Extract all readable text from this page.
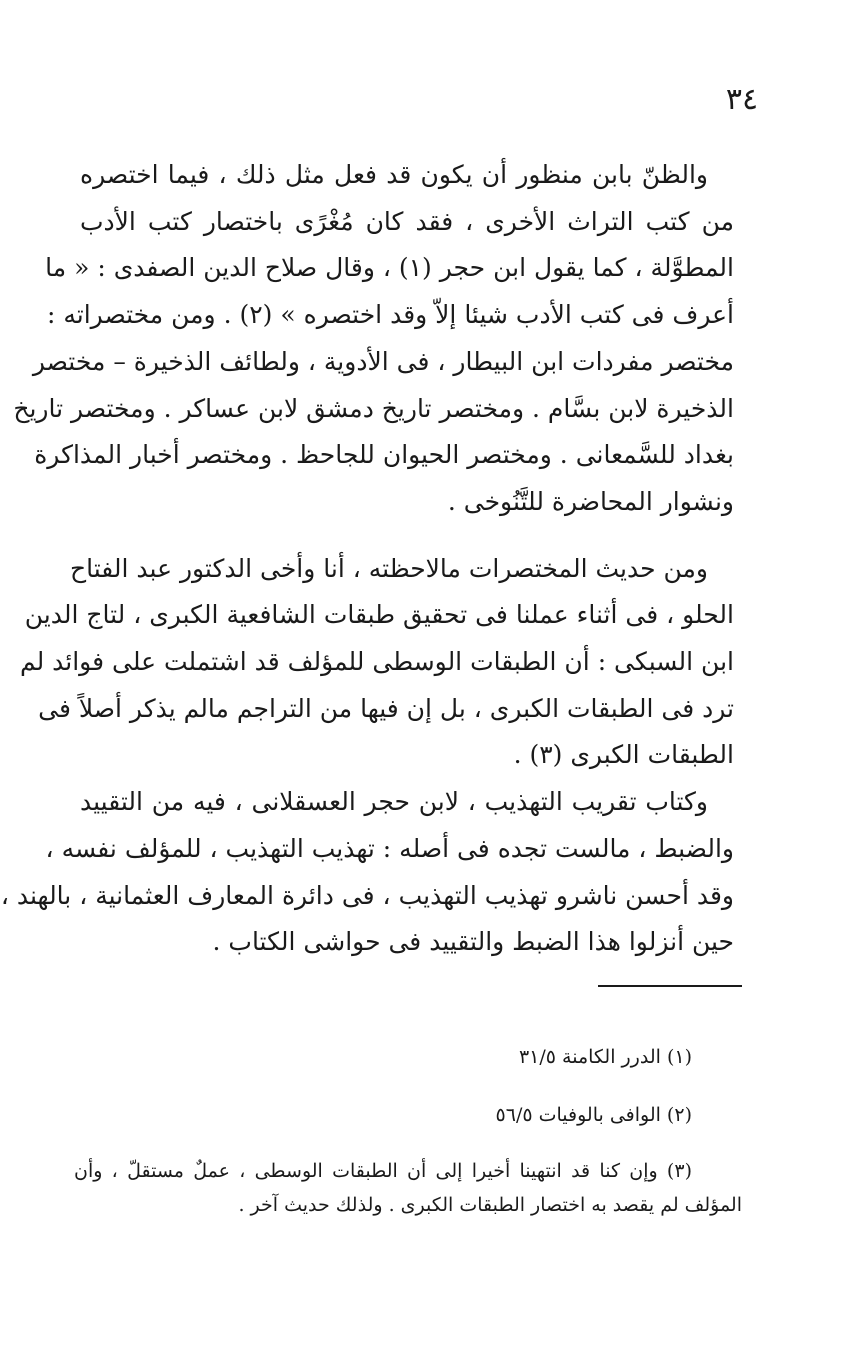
٣٤
والظنّ بابن منظور أن يكون قد فعل مثل ذلك ، فيما اختصره
من كتب التراث الأخرى ، فقد كان مُغْرًى باختصار كتب الأدب
المطوَّلة ، كما يقول ابن حجر (١) ، وقال صلاح الدين الصفدى : « ما
أعرف فى كتب الأدب شيئا إلاّ وقد اختصره » (٢) . ومن مختصراته :
مختصر مفردات ابن البيطار ، فى الأدوية ، ولطائف الذخيرة – مختصر
الذخيرة لابن بسَّام . ومختصر تاريخ دمشق لابن عساكر . ومختصر تاريخ
بغداد للسَّمعانى . ومختصر الحيوان للجاحظ . ومختصر أخبار المذاكرة
ونشوار المحاضرة للتَّنُوخى .
ومن حديث المختصرات مالاحظته ، أنا وأخى الدكتور عبد الفتاح
الحلو ، فى أثناء عملنا فى تحقيق طبقات الشافعية الكبرى ، لتاج الدين
ابن السبكى : أن الطبقات الوسطى للمؤلف قد اشتملت على فوائد لم
ترد فى الطبقات الكبرى ، بل إن فيها من التراجم مالم يذكر أصلاً فى
الطبقات الكبرى (٣) .
وكتاب تقريب التهذيب ، لابن حجر العسقلانى ، فيه من التقييد
والضبط ، مالست تجده فى أصله : تهذيب التهذيب ، للمؤلف نفسه ،
وقد أحسن ناشرو تهذيب التهذيب ، فى دائرة المعارف العثمانية ، بالهند ،
حين أنزلوا هذا الضبط والتقييد فى حواشى الكتاب .
(١) الدرر الكامنة ٣١/٥
(٢) الوافى بالوفيات ٥٦/٥
(٣) وإن كنا قد انتهينا أخيرا إلى أن الطبقات الوسطى ، عملٌ مستقلّ ، وأن
المؤلف لم يقصد به اختصار الطبقات الكبرى . ولذلك حديث آخر .
